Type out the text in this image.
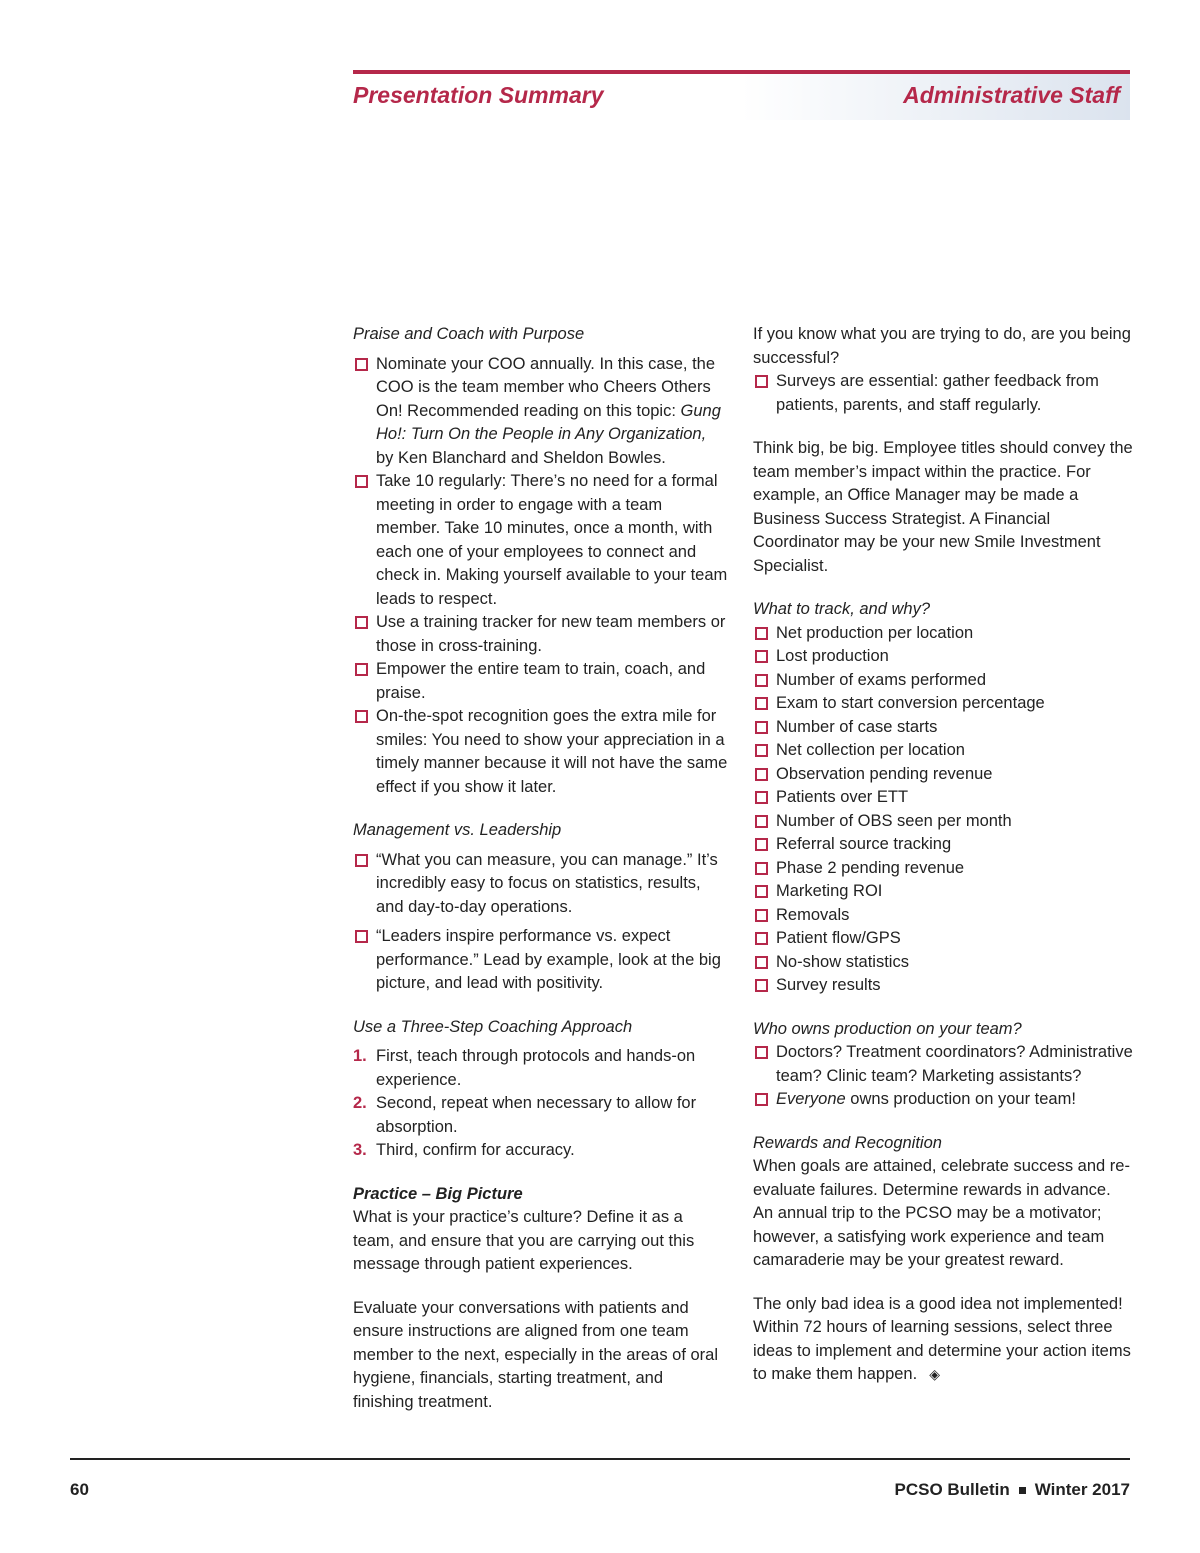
Presentation Summary	Administrative Staff
Praise and Coach with Purpose
Nominate your COO annually. In this case, the COO is the team member who Cheers Others On! Recommended reading on this topic: Gung Ho!: Turn On the People in Any Organization, by Ken Blanchard and Sheldon Bowles.
Take 10 regularly: There’s no need for a formal meeting in order to engage with a team member. Take 10 minutes, once a month, with each one of your employees to connect and check in. Making yourself available to your team leads to respect.
Use a training tracker for new team members or those in cross-training.
Empower the entire team to train, coach, and praise.
On-the-spot recognition goes the extra mile for smiles: You need to show your appreciation in a timely manner because it will not have the same effect if you show it later.
Management vs. Leadership
“What you can measure, you can manage.” It’s incredibly easy to focus on statistics, results, and day-to-day operations.
“Leaders inspire performance vs. expect performance.” Lead by example, look at the big picture, and lead with positivity.
Use a Three-Step Coaching Approach
1. First, teach through protocols and hands-on experience.
2. Second, repeat when necessary to allow for absorption.
3. Third, confirm for accuracy.
Practice – Big Picture

What is your practice’s culture? Define it as a team, and ensure that you are carrying out this message through patient experiences.

Evaluate your conversations with patients and ensure instructions are aligned from one team member to the next, especially in the areas of oral hygiene, financials, starting treatment, and finishing treatment.

If you know what you are trying to do, are you being successful?

Surveys are essential: gather feedback from patients, parents, and staff regularly.

Think big, be big. Employee titles should convey the team member’s impact within the practice. For example, an Office Manager may be made a Business Success Strategist. A Financial Coordinator may be your new Smile Investment Specialist.

What to track, and why?
Net production per location
Lost production
Number of exams performed
Exam to start conversion percentage
Number of case starts
Net collection per location
Observation pending revenue
Patients over ETT
Number of OBS seen per month
Referral source tracking
Phase 2 pending revenue
Marketing ROI
Removals
Patient flow/GPS
No-show statistics
Survey results
Who owns production on your team?
Doctors? Treatment coordinators? Administrative team? Clinic team? Marketing assistants?
Everyone owns production on your team!
Rewards and Recognition

When goals are attained, celebrate success and re-evaluate failures. Determine rewards in advance. An annual trip to the PCSO may be a motivator; however, a satisfying work experience and team camaraderie may be your greatest reward.

The only bad idea is a good idea not implemented! Within 72 hours of learning sessions, select three ideas to implement and determine your action items to make them happen. ◈

60	PCSO Bulletin Winter 2017
